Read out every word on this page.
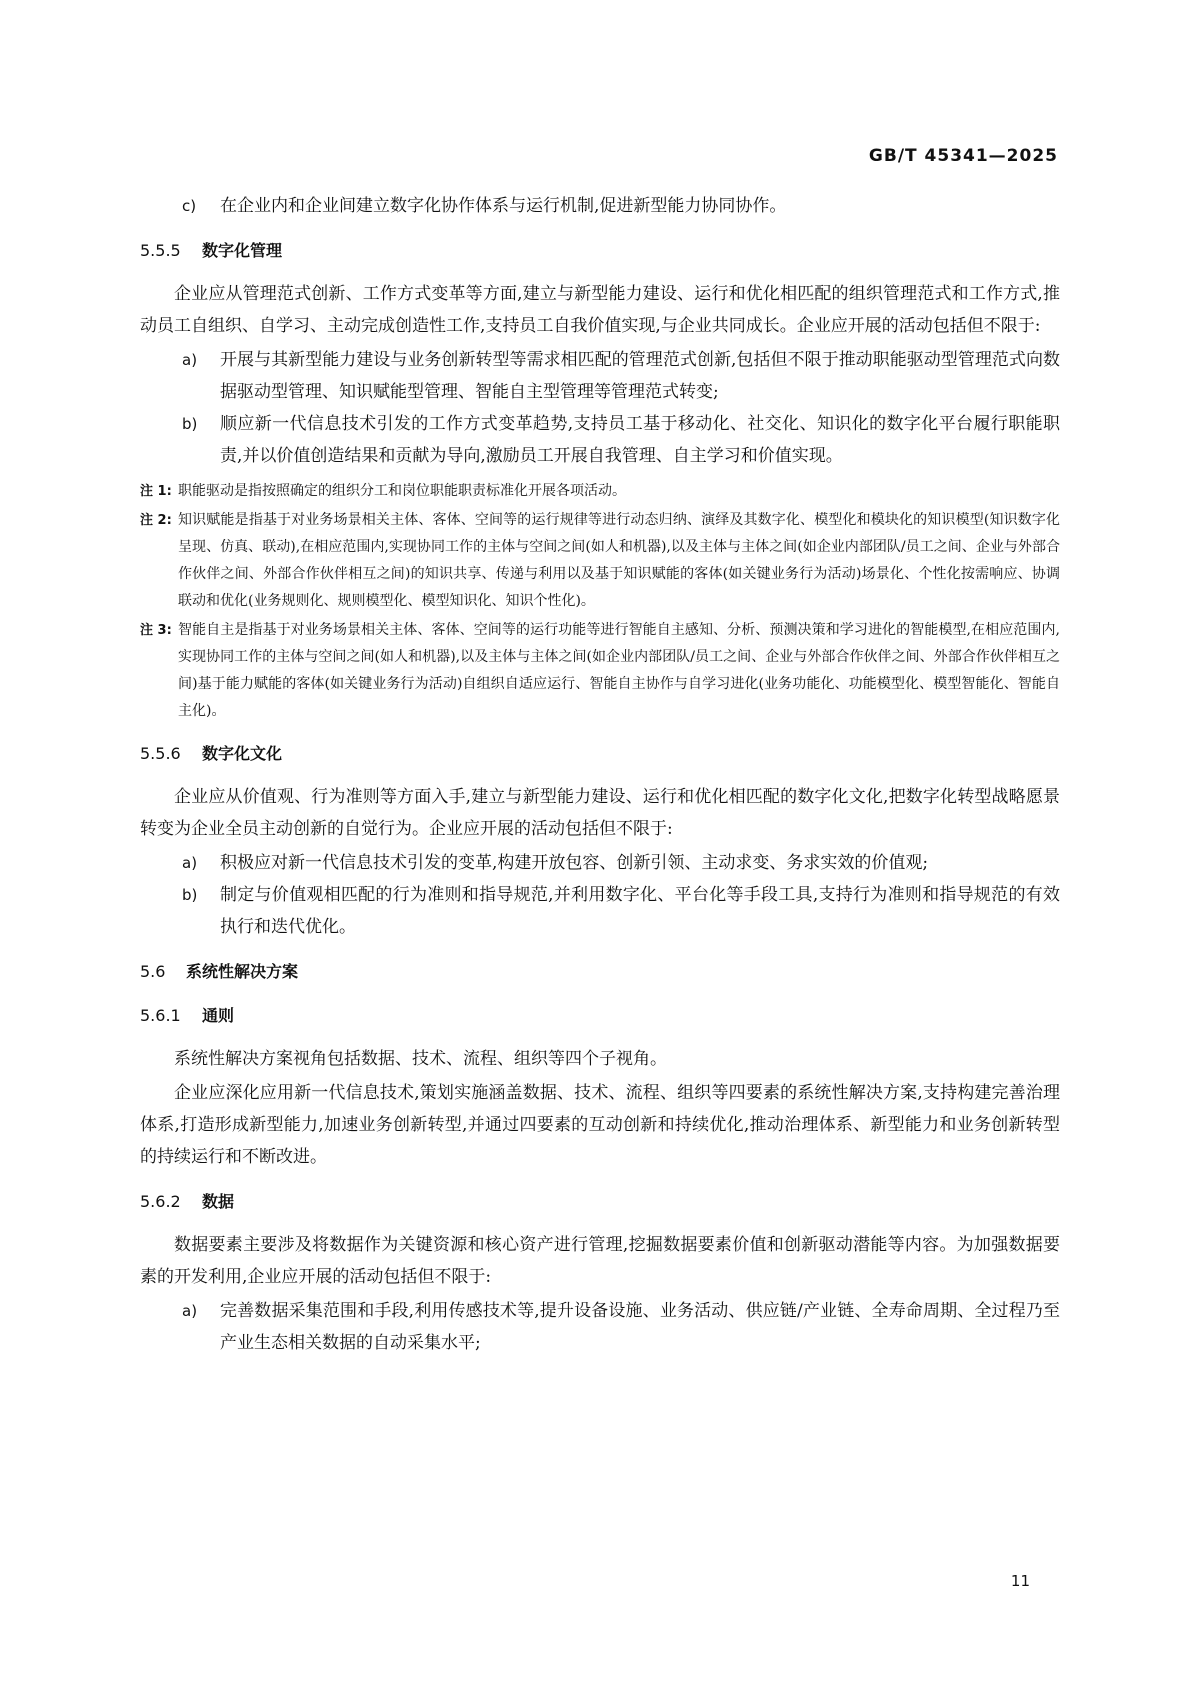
GB/T 45341—2025
c) 在企业内和企业间建立数字化协作体系与运行机制,促进新型能力协同协作。
5.5.5 数字化管理

企业应从管理范式创新、工作方式变革等方面,建立与新型能力建设、运行和优化相匹配的组织管理范式和工作方式,推动员工自组织、自学习、主动完成创造性工作,支持员工自我价值实现,与企业共同成长。企业应开展的活动包括但不限于:

a) 开展与其新型能力建设与业务创新转型等需求相匹配的管理范式创新,包括但不限于推动职能驱动型管理范式向数据驱动型管理、知识赋能型管理、智能自主型管理等管理范式转变;
b) 顺应新一代信息技术引发的工作方式变革趋势,支持员工基于移动化、社交化、知识化的数字化平台履行职能职责,并以价值创造结果和贡献为导向,激励员工开展自我管理、自主学习和价值实现。
注 1: 职能驱动是指按照确定的组织分工和岗位职能职责标准化开展各项活动。
注 2: 知识赋能是指基于对业务场景相关主体、客体、空间等的运行规律等进行动态归纳、演绎及其数字化、模型化和模块化的知识模型(知识数字化呈现、仿真、联动),在相应范围内,实现协同工作的主体与空间之间(如人和机器),以及主体与主体之间(如企业内部团队/员工之间、企业与外部合作伙伴之间、外部合作伙伴相互之间)的知识共享、传递与利用以及基于知识赋能的客体(如关键业务行为活动)场景化、个性化按需响应、协调联动和优化(业务规则化、规则模型化、模型知识化、知识个性化)。
注 3: 智能自主是指基于对业务场景相关主体、客体、空间等的运行功能等进行智能自主感知、分析、预测决策和学习进化的智能模型,在相应范围内,实现协同工作的主体与空间之间(如人和机器),以及主体与主体之间(如企业内部团队/员工之间、企业与外部合作伙伴之间、外部合作伙伴相互之间)基于能力赋能的客体(如关键业务行为活动)自组织自适应运行、智能自主协作与自学习进化(业务功能化、功能模型化、模型智能化、智能自主化)。
5.5.6 数字化文化

企业应从价值观、行为准则等方面入手,建立与新型能力建设、运行和优化相匹配的数字化文化,把数字化转型战略愿景转变为企业全员主动创新的自觉行为。企业应开展的活动包括但不限于:

a) 积极应对新一代信息技术引发的变革,构建开放包容、创新引领、主动求变、务求实效的价值观;
b) 制定与价值观相匹配的行为准则和指导规范,并利用数字化、平台化等手段工具,支持行为准则和指导规范的有效执行和迭代优化。
5.6 系统性解决方案
5.6.1 通则

系统性解决方案视角包括数据、技术、流程、组织等四个子视角。

企业应深化应用新一代信息技术,策划实施涵盖数据、技术、流程、组织等四要素的系统性解决方案,支持构建完善治理体系,打造形成新型能力,加速业务创新转型,并通过四要素的互动创新和持续优化,推动治理体系、新型能力和业务创新转型的持续运行和不断改进。

5.6.2 数据

数据要素主要涉及将数据作为关键资源和核心资产进行管理,挖掘数据要素价值和创新驱动潜能等内容。为加强数据要素的开发利用,企业应开展的活动包括但不限于:

a) 完善数据采集范围和手段,利用传感技术等,提升设备设施、业务活动、供应链/产业链、全寿命周期、全过程乃至产业生态相关数据的自动采集水平;
11
